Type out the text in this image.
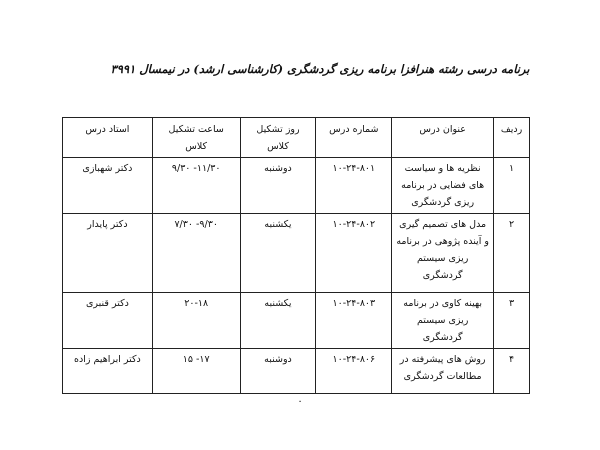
برنامه درسی رشته هنرافزا برنامه ریزی گردشگری (کارشناسی ارشد) در نیمسال ۳۹۹۱
ردیف	عنوان درس	شماره درس	روز تشکیل کلاس	ساعت تشکیل کلاس	استاد درس
۱	نظریه ها و سیاست های فضایی در برنامه ریزی گردشگری	۱۰-۲۴-۸۰۱	دوشنبه	۱۱/۳۰- ۹/۳۰	دکتر شهبازی
۲	مدل های تصمیم گیری و آینده پژوهی در برنامه ریزی سیستم گردشگری	۱۰-۲۴-۸۰۲	یکشنبه	۹/۳۰- ۷/۳۰	دکتر پایدار
۳	بهینه کاوی در برنامه ریزی سیستم گردشگری	۱۰-۲۴-۸۰۳	یکشنبه	۲۰-۱۸	دکتر قنبری
۴	روش های پیشرفته در مطالعات گردشگری	۱۰-۲۴-۸۰۶	دوشنبه	۱۷- ۱۵	دکتر ابراهیم زاده
۰
